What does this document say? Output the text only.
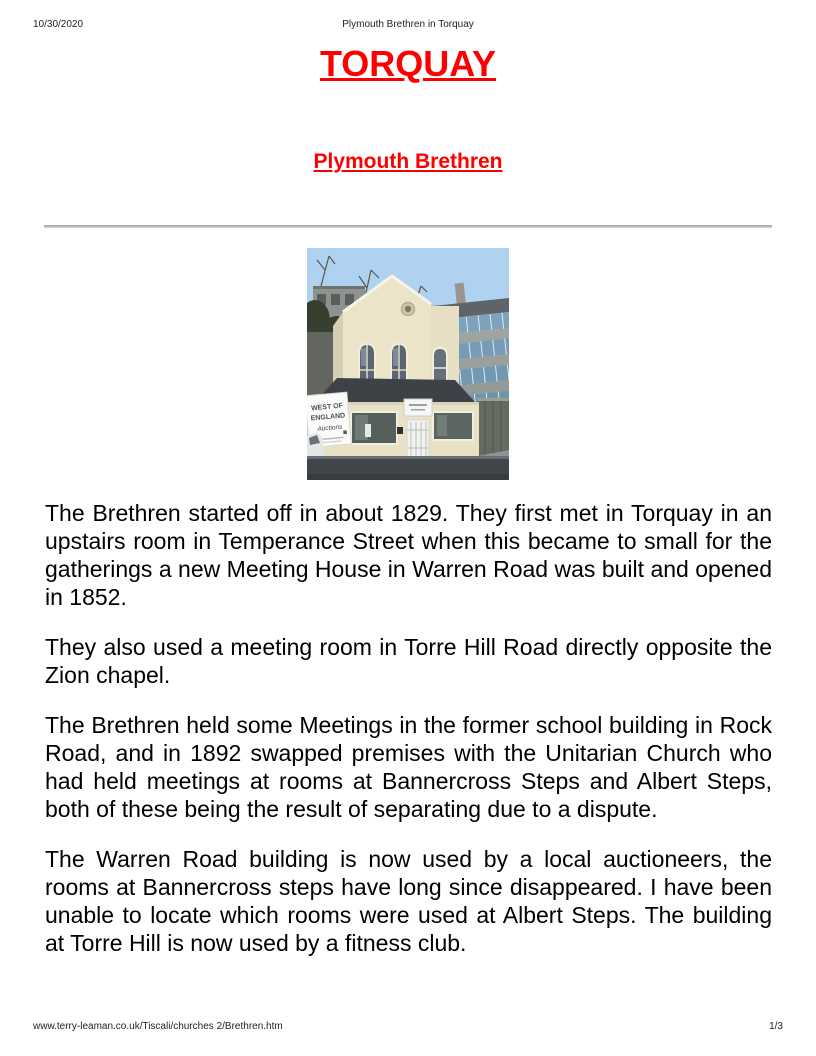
10/30/2020	Plymouth Brethren in Torquay
TORQUAY
Plymouth Brethren
WEST OF
ENGLAND
Auctions

The Brethren started off in about 1829. They first met in Torquay in an upstairs room in Temperance Street when this became to small for the gatherings a new Meeting House in Warren Road was built and opened in 1852.

They also used a meeting room in Torre Hill Road directly opposite the Zion chapel.

The Brethren held some Meetings in the former school building in Rock Road, and in 1892 swapped premises with the Unitarian Church who had held meetings at rooms at Bannercross Steps and Albert Steps, both of these being the result of separating due to a dispute.

The Warren Road building is now used by a local auctioneers, the rooms at Bannercross steps have long since disappeared. I have been unable to locate which rooms were used at Albert Steps. The building at Torre Hill is now used by a fitness club.

www.terry-leaman.co.uk/Tiscali/churches 2/Brethren.htm	1/3
